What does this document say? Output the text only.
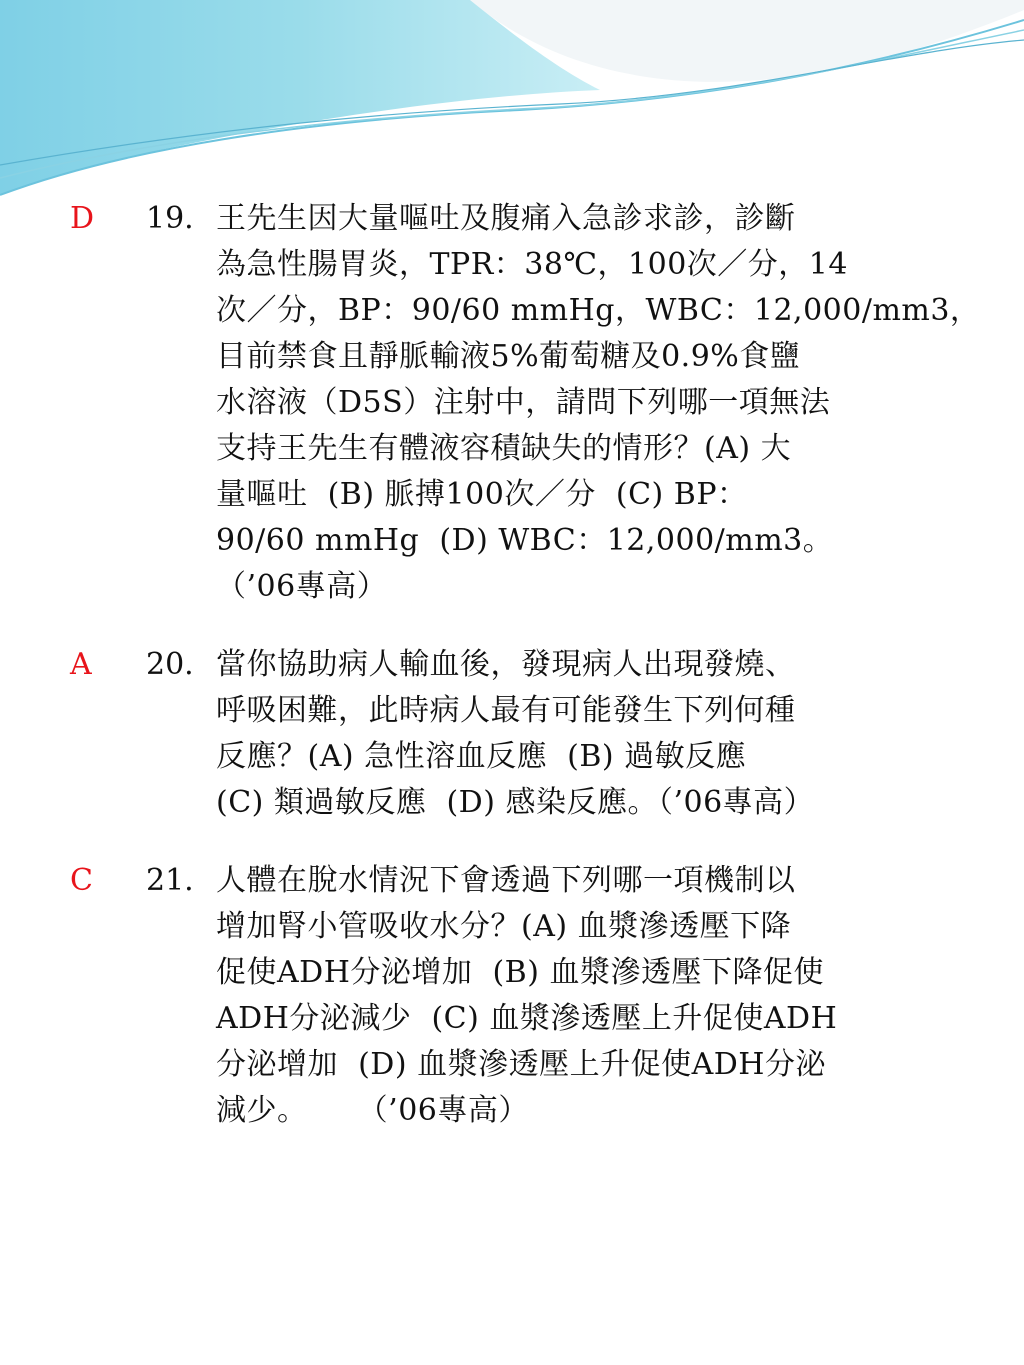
D 19. 王先生因大量嘔吐及腹痛入急診求診，診斷
為急性腸胃炎，TPR：38℃，100次／分，14
次／分，BP：90/60 mmHg，WBC：12,000/mm3，
目前禁食且靜脈輸液5%葡萄糖及0.9%食鹽
水溶液（D5S）注射中，請問下列哪一項無法
支持王先生有體液容積缺失的情形？(A) 大
量嘔吐  (B) 脈搏100次／分  (C) BP：
90/60 mmHg  (D) WBC：12,000/mm3。
（’06專高）
A 20. 當你協助病人輸血後，發現病人出現發燒、
呼吸困難，此時病人最有可能發生下列何種
反應？(A) 急性溶血反應  (B) 過敏反應
(C) 類過敏反應  (D) 感染反應。（’06專高）
C 21. 人體在脫水情況下會透過下列哪一項機制以
增加腎小管吸收水分？(A) 血漿滲透壓下降
促使ADH分泌增加  (B) 血漿滲透壓下降促使
ADH分泌減少  (C) 血漿滲透壓上升促使ADH
分泌增加  (D) 血漿滲透壓上升促使ADH分泌
減少。     （’06專高）
